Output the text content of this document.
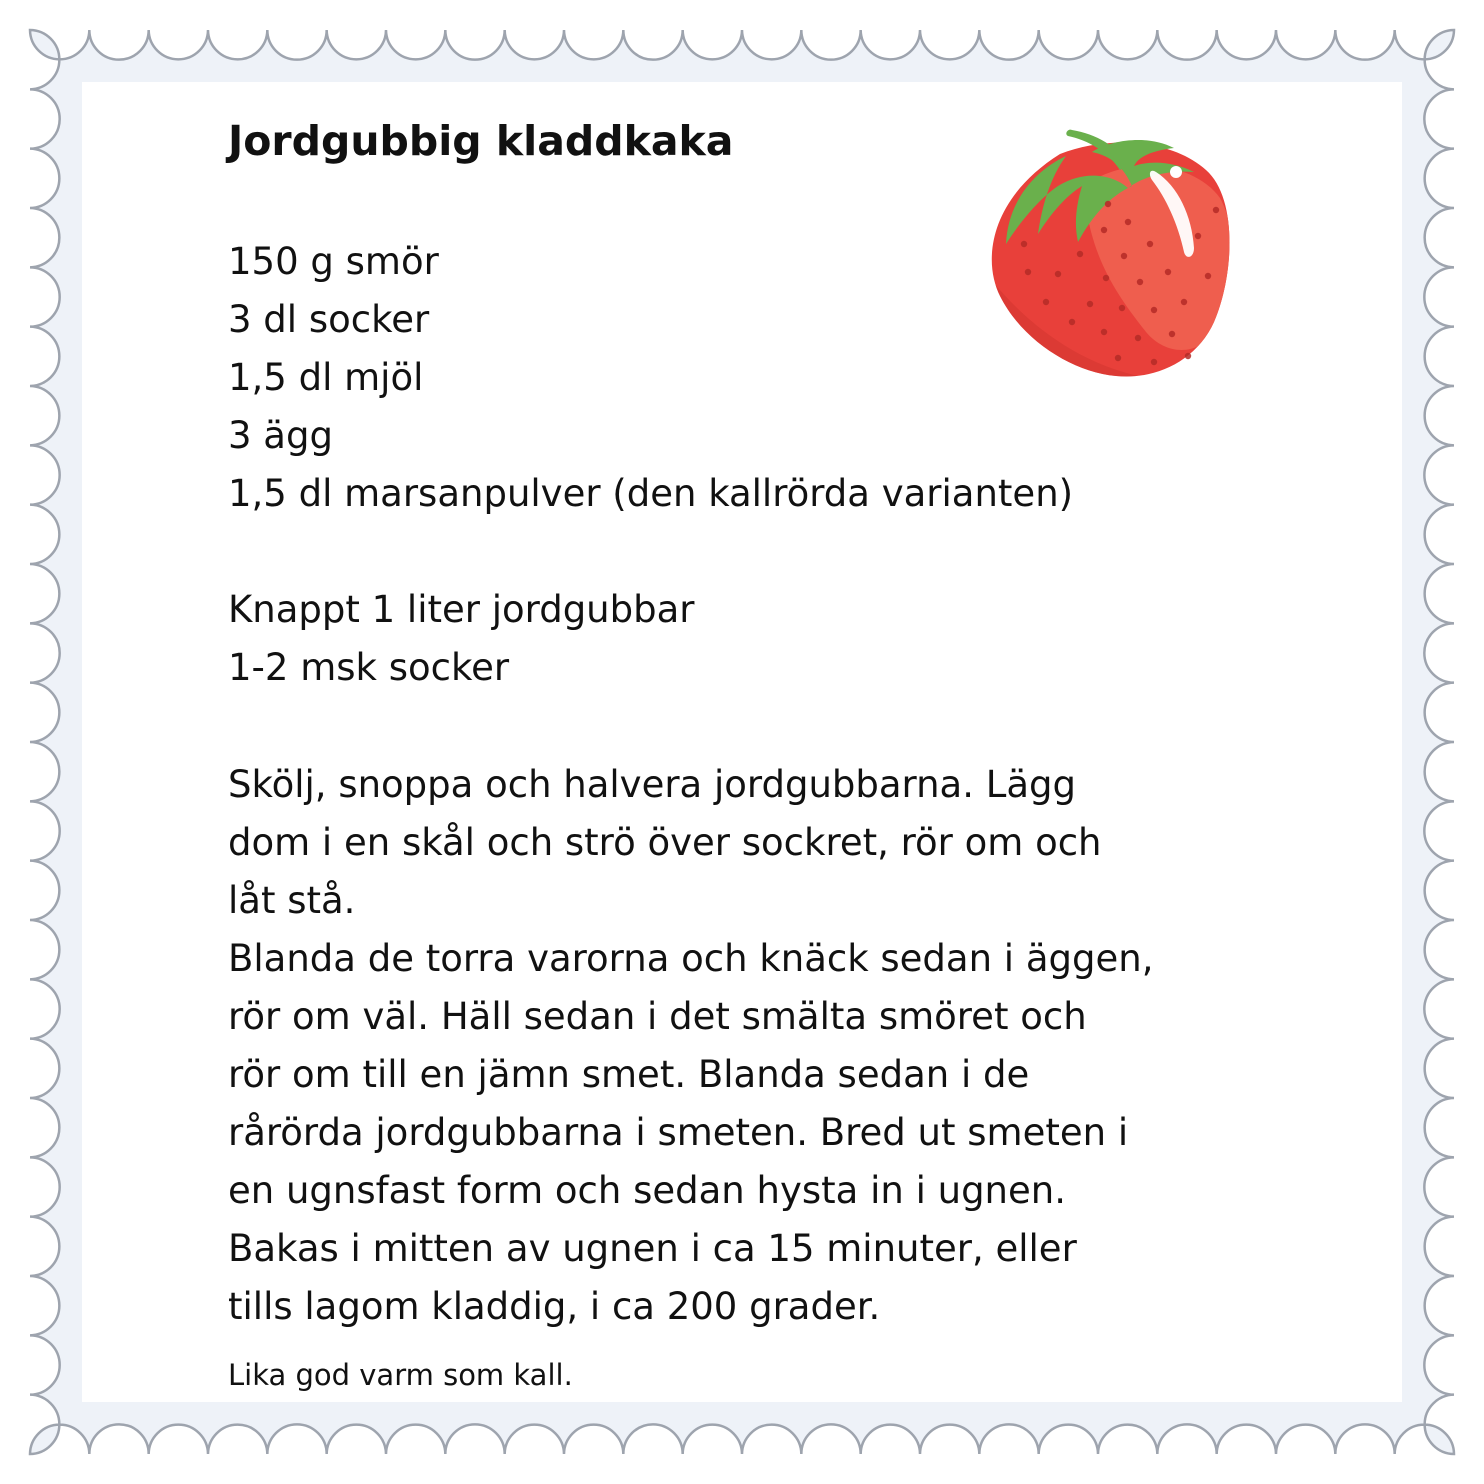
Jordgubbig kladdkaka
150 g smör
3 dl socker
1,5 dl mjöl
3 ägg
1,5 dl marsanpulver (den kallrörda varianten)
Knappt 1 liter jordgubbar
1-2 msk socker
Skölj, snoppa och halvera jordgubbarna. Lägg
dom i en skål och strö över sockret, rör om och
låt stå.
Blanda de torra varorna och knäck sedan i äggen,
rör om väl. Häll sedan i det smälta smöret och
rör om till en jämn smet. Blanda sedan i de
rårörda jordgubbarna i smeten. Bred ut smeten i
en ugnsfast form och sedan hysta in i ugnen.
Bakas i mitten av ugnen i ca 15 minuter, eller
tills lagom kladdig, i ca 200 grader.
Lika god varm som kall.
